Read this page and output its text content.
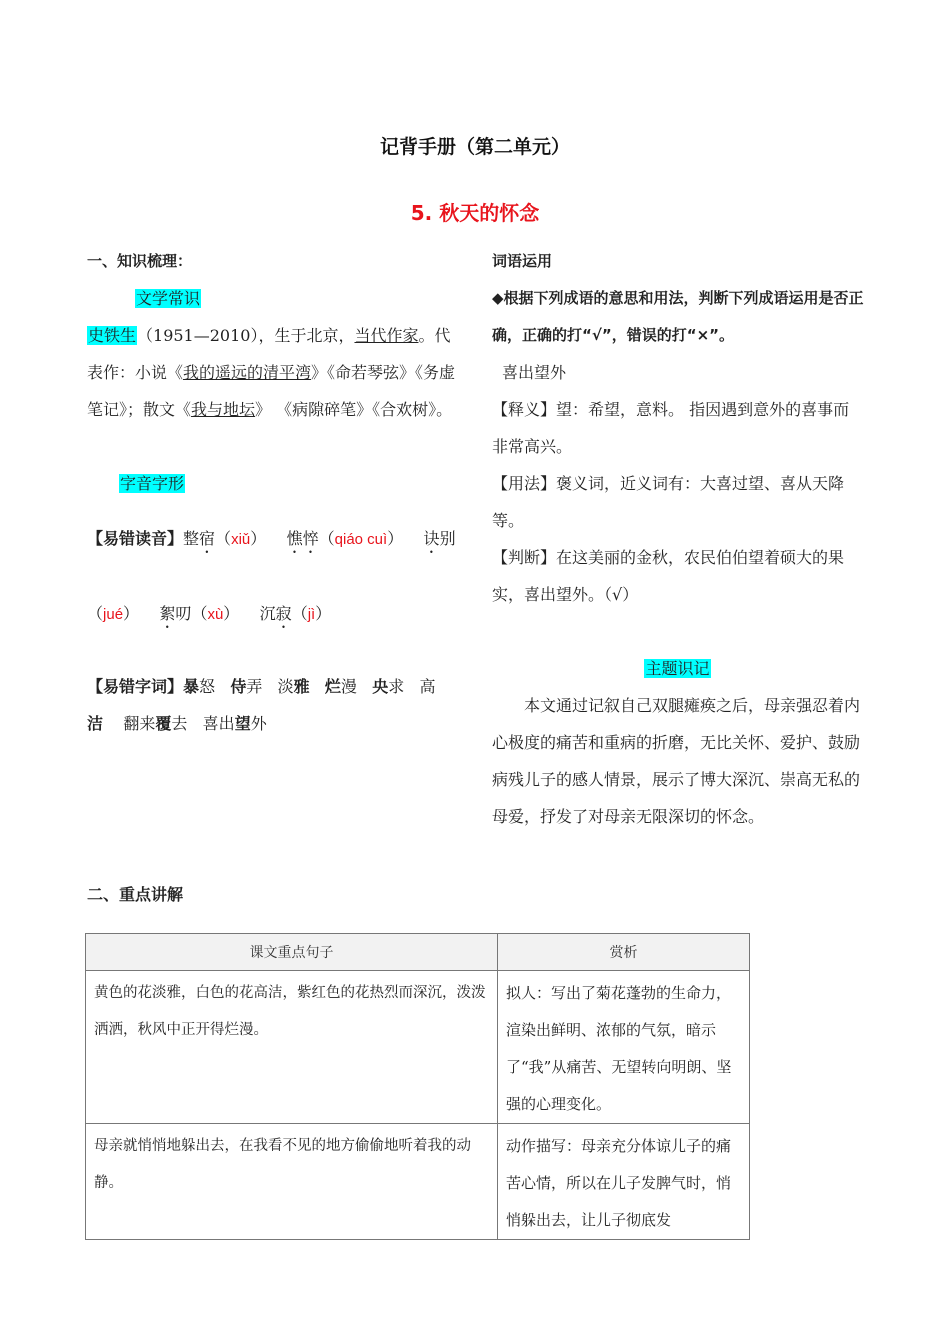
记背手册（第二单元）
5. 秋天的怀念

一、知识梳理：

文学常识

史铁生（1951—2010），生于北京，当代作家。代表作：小说《我的遥远的清平湾》《命若琴弦》《务虚笔记》；散文《我与地坛》 《病隙碎笔》《合欢树》。

字音字形

【易错读音】整宿（xiǔ） 憔悴（qiáo cuì） 诀别（jué） 絮叨（xù） 沉寂（jì）

【易错字词】暴怒 侍弄 淡雅 烂漫 央求 高洁 翻来覆去 喜出望外

词语运用

◆根据下列成语的意思和用法，判断下列成语运用是否正确，正确的打“√”，错误的打“×”。

喜出望外

【释义】望：希望，意料。 指因遇到意外的喜事而非常高兴。

【用法】褒义词，近义词有：大喜过望、喜从天降等。

【判断】在这美丽的金秋，农民伯伯望着硕大的果实，喜出望外。（√）

主题识记

本文通过记叙自己双腿瘫痪之后，母亲强忍着内心极度的痛苦和重病的折磨，无比关怀、爱护、鼓励病残儿子的感人情景，展示了博大深沉、崇高无私的母爱，抒发了对母亲无限深切的怀念。

二、重点讲解
课文重点句子	赏析
黄色的花淡雅，白色的花高洁，紫红色的花热烈而深沉，泼泼洒洒，秋风中正开得烂漫。	拟人：写出了菊花蓬勃的生命力，渲染出鲜明、浓郁的气氛，暗示了“我”从痛苦、无望转向明朗、坚强的心理变化。
母亲就悄悄地躲出去，在我看不见的地方偷偷地听着我的动静。	动作描写：母亲充分体谅儿子的痛苦心情，所以在儿子发脾气时，悄悄躲出去，让儿子彻底发
